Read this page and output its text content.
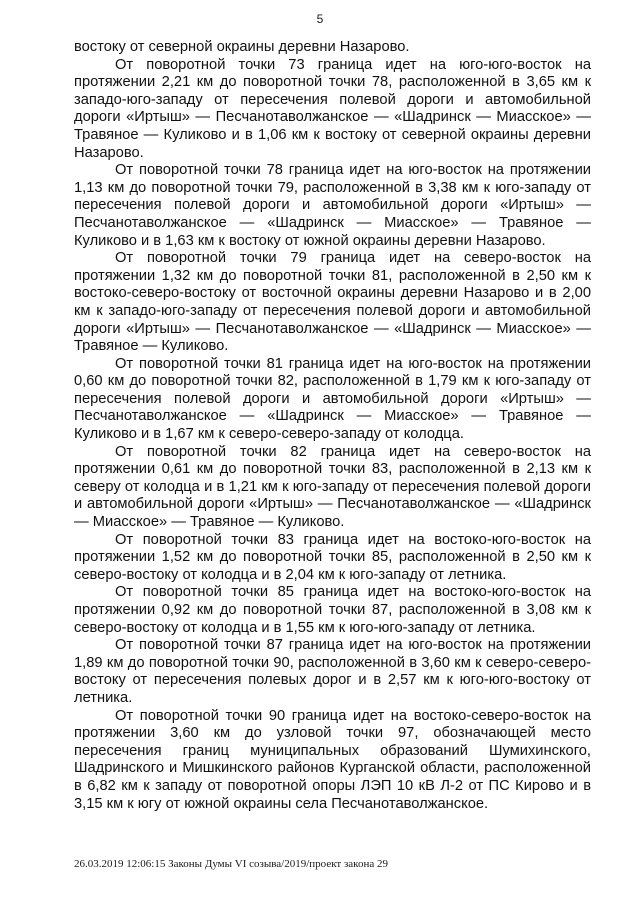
5

востоку от северной окраины деревни Назарово.

От поворотной точки 73 граница идет на юго-юго-восток на протяжении 2,21 км до поворотной точки 78, расположенной в 3,65 км к западо-юго-западу от пересечения полевой дороги и автомобильной дороги «Иртыш» — Песчанотаволжанское — «Шадринск — Миасское» — Травяное — Куликово и в 1,06 км к востоку от северной окраины деревни Назарово.

От поворотной точки 78 граница идет на юго-восток на протяжении 1,13 км до поворотной точки 79, расположенной в 3,38 км к юго-западу от пересечения полевой дороги и автомобильной дороги «Иртыш» — Песчанотаволжанское — «Шадринск — Миасское» — Травяное — Куликово и в 1,63 км к востоку от южной окраины деревни Назарово.

От поворотной точки 79 граница идет на северо-восток на протяжении 1,32 км до поворотной точки 81, расположенной в 2,50 км к востоко-северо-востоку от восточной окраины деревни Назарово и в 2,00 км к западо-юго-западу от пересечения полевой дороги и автомобильной дороги «Иртыш» — Песчанотаволжанское — «Шадринск — Миасское» — Травяное — Куликово.

От поворотной точки 81 граница идет на юго-восток на протяжении 0,60 км до поворотной точки 82, расположенной в 1,79 км к юго-западу от пересечения полевой дороги и автомобильной дороги «Иртыш» — Песчанотаволжанское — «Шадринск — Миасское» — Травяное — Куликово и в 1,67 км к северо-северо-западу от колодца.

От поворотной точки 82 граница идет на северо-восток на протяжении 0,61 км до поворотной точки 83, расположенной в 2,13 км к северу от колодца и в 1,21 км к юго-западу от пересечения полевой дороги и автомобильной дороги «Иртыш» — Песчанотаволжанское — «Шадринск — Миасское» — Травяное — Куликово.

От поворотной точки 83 граница идет на востоко-юго-восток на протяжении 1,52 км до поворотной точки 85, расположенной в 2,50 км к северо-востоку от колодца и в 2,04 км к юго-западу от летника.

От поворотной точки 85 граница идет на востоко-юго-восток на протяжении 0,92 км до поворотной точки 87, расположенной в 3,08 км к северо-востоку от колодца и в 1,55 км к юго-юго-западу от летника.

От поворотной точки 87 граница идет на юго-восток на протяжении 1,89 км до поворотной точки 90, расположенной в 3,60 км к северо-северо-востоку от пересечения полевых дорог и в 2,57 км к юго-юго-востоку от летника.

От поворотной точки 90 граница идет на востоко-северо-восток на протяжении 3,60 км до узловой точки 97, обозначающей место пересечения границ муниципальных образований Шумихинского, Шадринского и Мишкинского районов Курганской области, расположенной в 6,82 км к западу от поворотной опоры ЛЭП 10 кВ Л-2 от ПС Кирово и в 3,15 км к югу от южной окраины села Песчанотаволжанское.

26.03.2019 12:06:15 Законы Думы VI созыва/2019/проект закона 29
